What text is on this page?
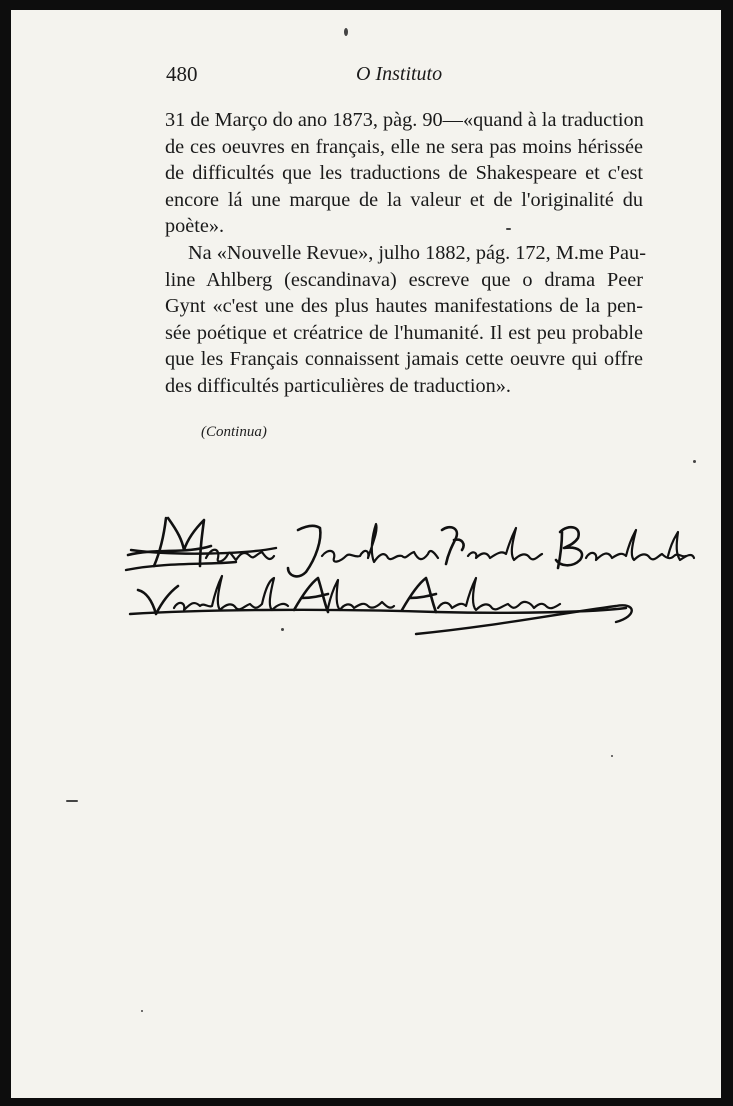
480	O Instituto
31 de Março do ano 1873, pàg. 90—«quand à la traduction
de ces oeuvres en français, elle ne sera pas moins hérissée
de difficultés que les traductions de Shakespeare et c'est
encore lá une marque de la valeur et de l'originalité du
poète».
Na «Nouvelle Revue», julho 1882, pág. 172, M.me Pau-
line Ahlberg (escandinava) escreve que o drama Peer
Gynt «c'est une des plus hautes manifestations de la pen-
sée poétique et créatrice de l'humanité. Il est peu probable
que les Français connaissent jamais cette oeuvre qui offre
des difficultés particulières de traduction».
(Continua)
